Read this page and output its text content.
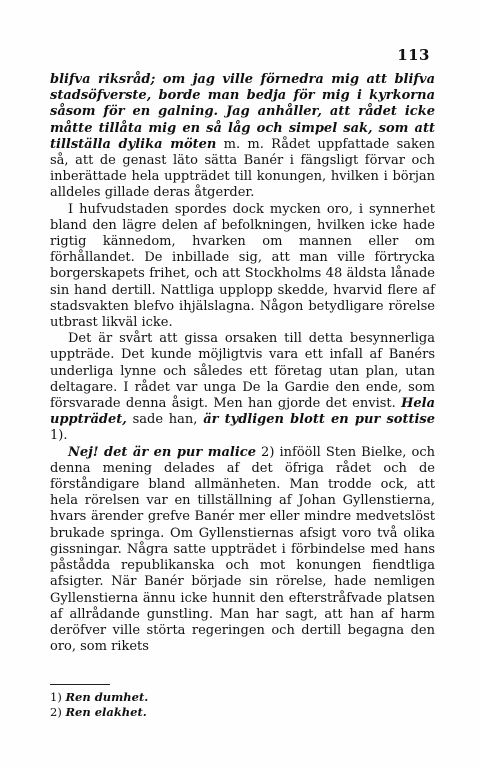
113

blifva riksråd; om jag ville förnedra mig att blifva stadsöfverste, borde man bedja för mig i kyrkorna såsom för en galning. Jag anhåller, att rådet icke måtte tillåta mig en så låg och simpel sak, som att tillställa dylika möten m. m. Rådet uppfattade saken så, att de genast läto sätta Banér i fängsligt förvar och inberättade hela uppträdet till konungen, hvilken i början alldeles gillade deras åtgerder.

I hufvudstaden spordes dock mycken oro, i synnerhet bland den lägre delen af befolkningen, hvilken icke hade rigtig kännedom, hvarken om mannen eller om förhållandet. De inbillade sig, att man ville förtrycka borgerskapets frihet, och att Stockholms 48 äldsta lånade sin hand dertill. Nattliga upplopp skedde, hvarvid flere af stadsvakten blefvo ihjälslagna. Någon betydligare rörelse utbrast likväl icke.

Det är svårt att gissa orsaken till detta besynnerliga uppträde. Det kunde möjligtvis vara ett infall af Banérs underliga lynne och således ett företag utan plan, utan deltagare. I rådet var unga De la Gardie den ende, som försvarade denna åsigt. Men han gjorde det envist. Hela uppträdet, sade han, är tydligen blott en pur sottise 1).

Nej! det är en pur malice 2) infööll Sten Bielke, och denna mening delades af det öfriga rådet och de förståndigare bland allmänheten. Man trodde ock, att hela rörelsen var en tillställning af Johan Gyllenstierna, hvars ärender grefve Banér mer eller mindre medvetslöst brukade springa. Om Gyllenstiernas afsigt voro två olika gissningar. Några satte uppträdet i förbindelse med hans påstådda republikanska och mot konungen fiendtliga afsigter. När Banér började sin rörelse, hade nemligen Gyllenstierna ännu icke hunnit den efterstråfvade platsen af allrådande gunstling. Man har sagt, att han af harm deröfver ville störta regeringen och dertill begagna den oro, som rikets

1) Ren dumhet.
2) Ren elakhet.
